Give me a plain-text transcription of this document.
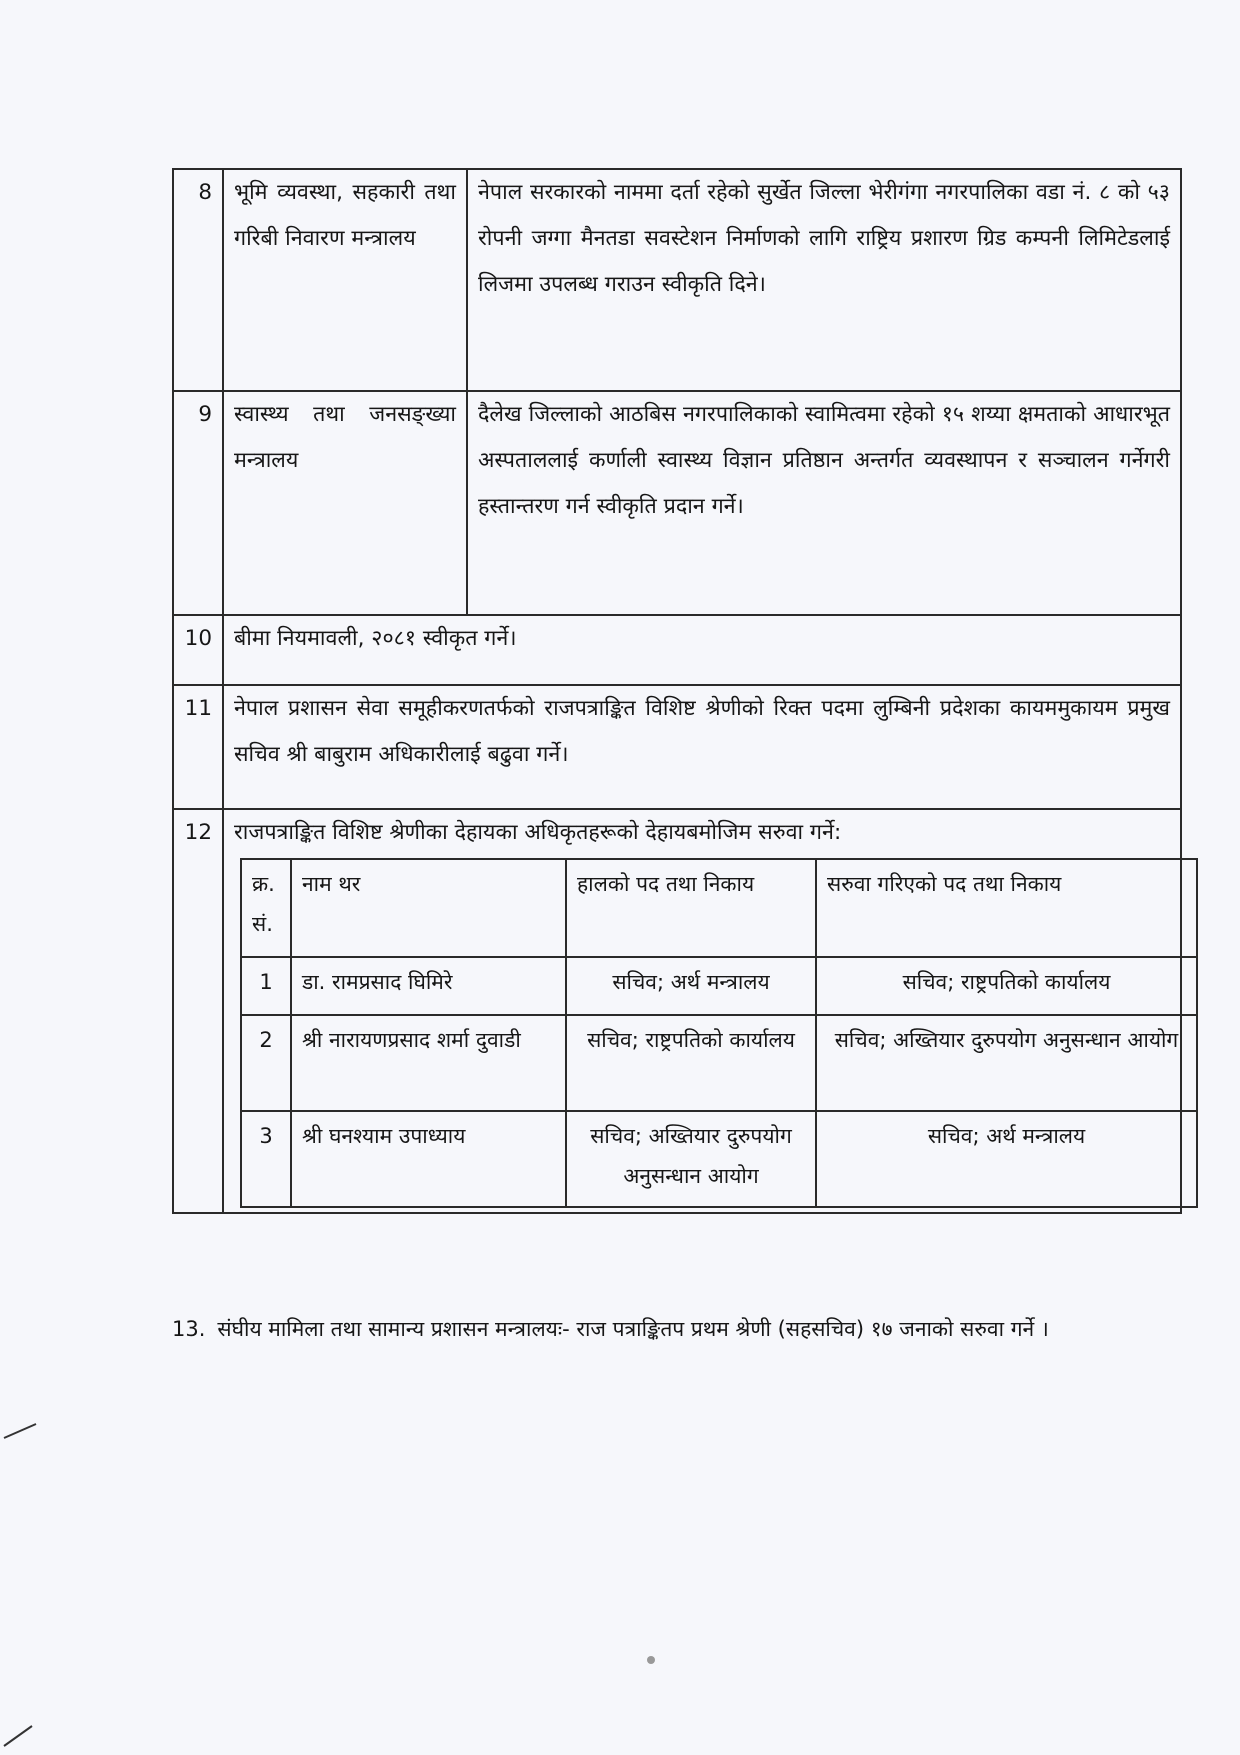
8	भूमि व्यवस्था, सहकारी तथा गरिबी निवारण मन्त्रालय	नेपाल सरकारको नाममा दर्ता रहेको सुर्खेत जिल्ला भेरीगंगा नगरपालिका वडा नं. ८ को ५३ रोपनी जग्गा मैनतडा सवस्टेशन निर्माणको लागि राष्ट्रिय प्रशारण ग्रिड कम्पनी लिमिटेडलाई लिजमा उपलब्ध गराउन स्वीकृति दिने।
9	स्वास्थ्य तथा जनसङ्ख्या मन्त्रालय	दैलेख जिल्लाको आठबिस नगरपालिकाको स्वामित्वमा रहेको १५ शय्या क्षमताको आधारभूत अस्पताललाई कर्णाली स्वास्थ्य विज्ञान प्रतिष्ठान अन्तर्गत व्यवस्थापन र सञ्चालन गर्नेगरी हस्तान्तरण गर्न स्वीकृति प्रदान गर्ने।
10	बीमा नियमावली, २०८१ स्वीकृत गर्ने।
11	नेपाल प्रशासन सेवा समूहीकरणतर्फको राजपत्राङ्कित विशिष्ट श्रेणीको रिक्त पदमा लुम्बिनी प्रदेशका कायममुकायम प्रमुख सचिव श्री बाबुराम अधिकारीलाई बढुवा गर्ने।
12	राजपत्राङ्कित विशिष्ट श्रेणीका देहायका अधिकृतहरूको देहायबमोजिम सरुवा गर्ने:
क्र. सं.	नाम थर	हालको पद तथा निकाय	सरुवा गरिएको पद तथा निकाय
1	डा. रामप्रसाद घिमिरे	सचिव; अर्थ मन्त्रालय	सचिव; राष्ट्रपतिको कार्यालय
2	श्री नारायणप्रसाद शर्मा दुवाडी	सचिव; राष्ट्रपतिको कार्यालय	सचिव; अख्तियार दुरुपयोग अनुसन्धान आयोग
3	श्री घनश्याम उपाध्याय	सचिव; अख्तियार दुरुपयोग अनुसन्धान आयोग	सचिव; अर्थ मन्त्रालय

13. संघीय मामिला तथा सामान्य प्रशासन मन्त्रालयः- राज पत्राङ्कितप प्रथम श्रेणी (सहसचिव) १७ जनाको सरुवा गर्ने ।
